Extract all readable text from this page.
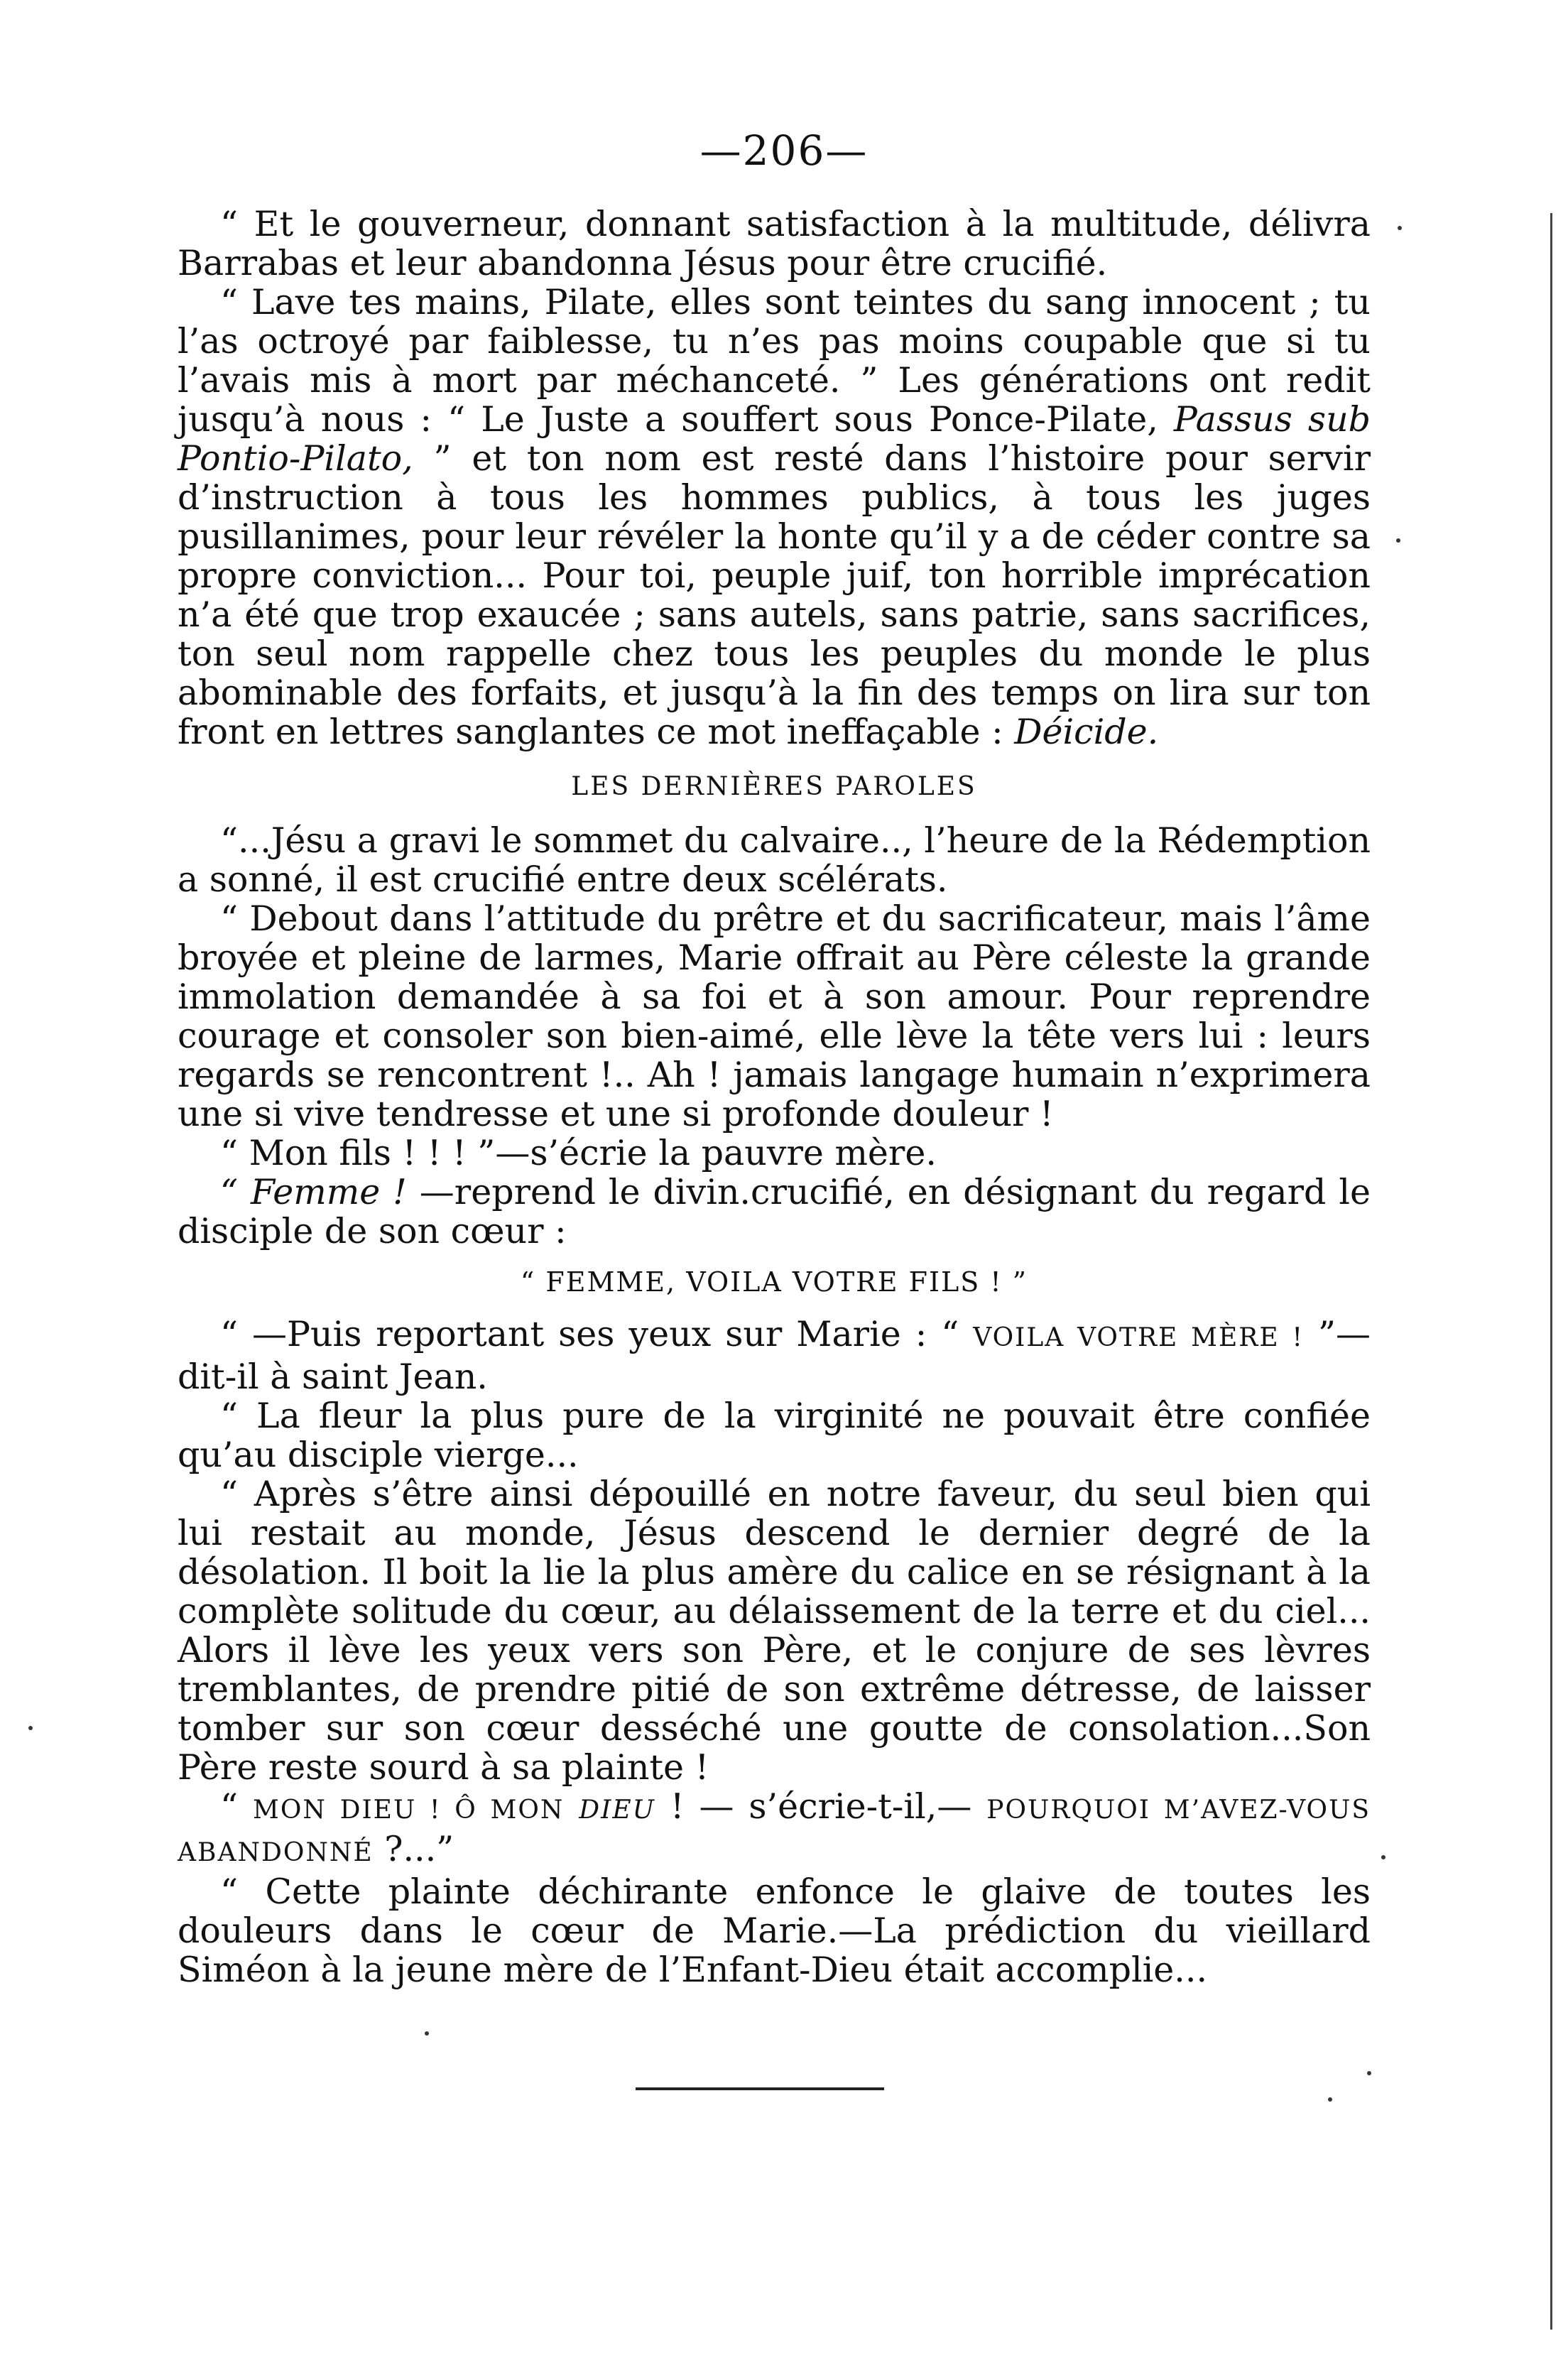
—206—

“ Et le gouverneur, donnant satisfaction à la multitude, délivra Barrabas et leur abandonna Jésus pour être crucifié.

“ Lave tes mains, Pilate, elles sont teintes du sang innocent ; tu l’as octroyé par faiblesse, tu n’es pas moins coupable que si tu l’avais mis à mort par méchanceté. ” Les générations ont redit jusqu’à nous : “ Le Juste a souffert sous Ponce-Pilate, Passus sub Pontio-Pilato, ” et ton nom est resté dans l’histoire pour servir d’instruction à tous les hommes publics, à tous les juges pusillanimes, pour leur révéler la honte qu’il y a de céder contre sa propre conviction... Pour toi, peuple juif, ton horrible imprécation n’a été que trop exaucée ; sans autels, sans patrie, sans sacrifices, ton seul nom rappelle chez tous les peuples du monde le plus abominable des forfaits, et jusqu’à la fin des temps on lira sur ton front en lettres sanglantes ce mot ineffaçable : Déicide.

LES DERNIÈRES PAROLES

“...Jésu a gravi le sommet du calvaire.., l’heure de la Rédemption a sonné, il est crucifié entre deux scélérats.

“ Debout dans l’attitude du prêtre et du sacrificateur, mais l’âme broyée et pleine de larmes, Marie offrait au Père céleste la grande immolation demandée à sa foi et à son amour. Pour reprendre courage et consoler son bien-aimé, elle lève la tête vers lui : leurs regards se rencontrent !.. Ah ! jamais langage humain n’exprimera une si vive tendresse et une si profonde douleur !

“ Mon fils ! ! ! ”—s’écrie la pauvre mère.

“ Femme ! —reprend le divin.crucifié, en désignant du regard le disciple de son cœur :

“ FEMME, VOILA VOTRE FILS ! ”

“ —Puis reportant ses yeux sur Marie : “ VOILA VOTRE MÈRE ! ”—dit-il à saint Jean.

“ La fleur la plus pure de la virginité ne pouvait être confiée qu’au disciple vierge...

“ Après s’être ainsi dépouillé en notre faveur, du seul bien qui lui restait au monde, Jésus descend le dernier degré de la désolation. Il boit la lie la plus amère du calice en se résignant à la complète solitude du cœur, au délaissement de la terre et du ciel... Alors il lève les yeux vers son Père, et le conjure de ses lèvres tremblantes, de prendre pitié de son extrême détresse, de laisser tomber sur son cœur desséché une goutte de consolation...Son Père reste sourd à sa plainte !

“ MON DIEU ! Ô MON DIEU ! — s’écrie-t-il,— POURQUOI M’AVEZ-VOUS ABANDONNÉ ?...”

“ Cette plainte déchirante enfonce le glaive de toutes les douleurs dans le cœur de Marie.—La prédiction du vieillard Siméon à la jeune mère de l’Enfant-Dieu était accomplie...
